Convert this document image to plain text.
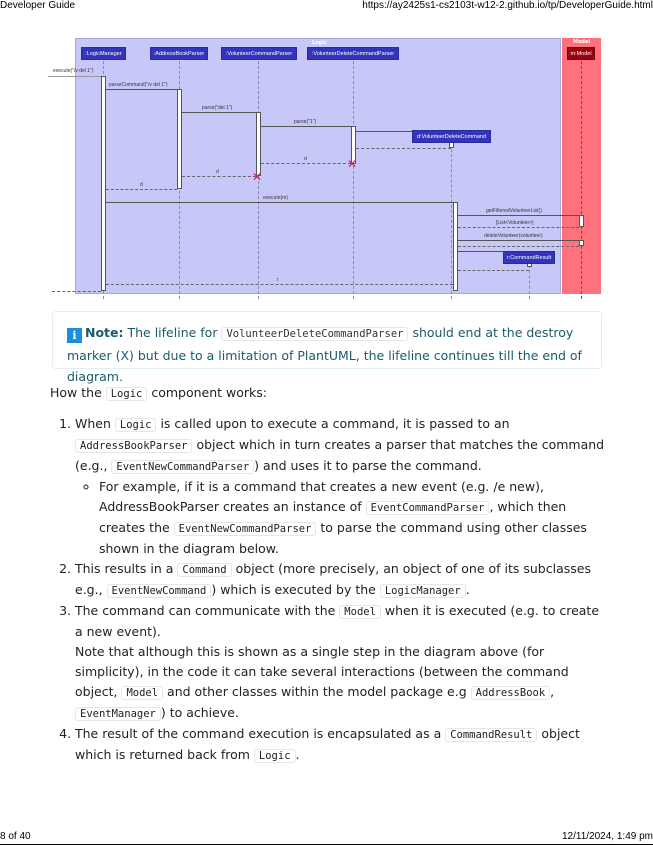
Developer Guide	https://ay2425s1-cs2103t-w12-2.github.io/tp/DeveloperGuide.html
Logic	Model
:LogicManager	:AddressBookParser	:VolunteerCommandParser	:VolunteerDeleteCommandParser	m:Model
d:VolunteerDeleteCommand
r:CommandResult
execute("/v del 1")
parseCommand("/v del 1")
parse("del 1")
parse("1")
d
d
d
execute(m)
getFilteredVolunteerList()
[List<Volunteer>]
deleteVolunteer(volunteer)
r
✕
✕
i Note: The lifeline for VolunteerDeleteCommandParser should end at the destroy marker (X) but due to a limitation of PlantUML, the lifeline continues till the end of diagram.

How the Logic component works:

1. When Logic is called upon to execute a command, it is passed to an AddressBookParser object which in turn creates a parser that matches the command (e.g., EventNewCommandParser ) and uses it to parse the command.
◦ For example, if it is a command that creates a new event (e.g. /e new), AddressBookParser creates an instance of EventCommandParser , which then creates the EventNewCommandParser to parse the command using other classes shown in the diagram below.
2. This results in a Command object (more precisely, an object of one of its subclasses e.g., EventNewCommand ) which is executed by the LogicManager .
3. The command can communicate with the Model when it is executed (e.g. to create a new event).
Note that although this is shown as a single step in the diagram above (for simplicity), in the code it can take several interactions (between the command object, Model and other classes within the model package e.g AddressBook , EventManager ) to achieve.
4. The result of the command execution is encapsulated as a CommandResult object which is returned back from Logic .
8 of 40	12/11/2024, 1:49 pm
